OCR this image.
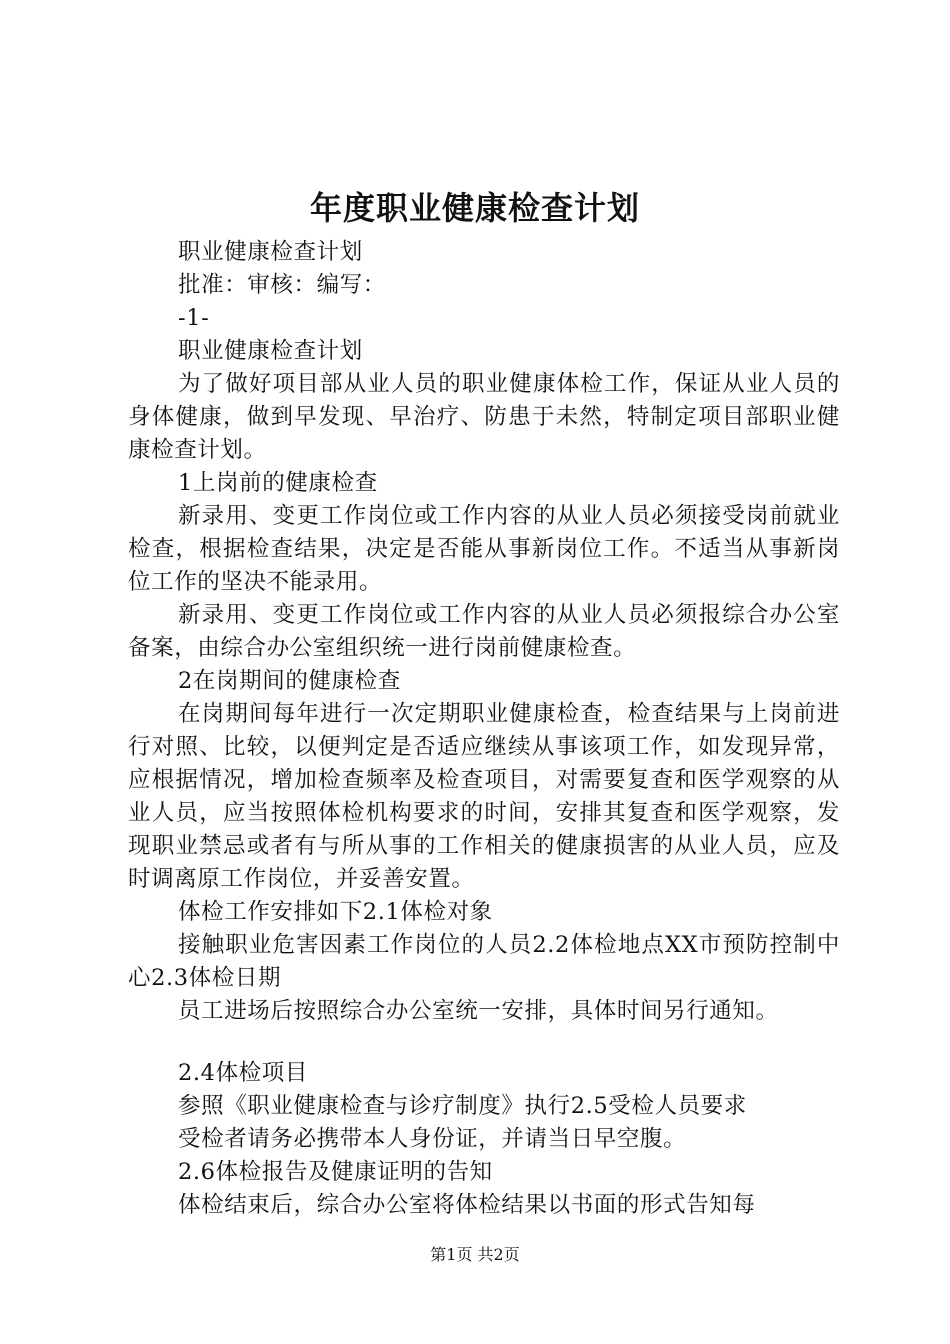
年度职业健康检查计划

职业健康检查计划

批准：审核：编写：

-1-

职业健康检查计划

为了做好项目部从业人员的职业健康体检工作，保证从业人员的身体健康，做到早发现、早治疗、防患于未然，特制定项目部职业健康检查计划。

1上岗前的健康检查

新录用、变更工作岗位或工作内容的从业人员必须接受岗前就业检查，根据检查结果，决定是否能从事新岗位工作。不适当从事新岗位工作的坚决不能录用。

新录用、变更工作岗位或工作内容的从业人员必须报综合办公室备案，由综合办公室组织统一进行岗前健康检查。

2在岗期间的健康检查

在岗期间每年进行一次定期职业健康检查，检查结果与上岗前进行对照、比较，以便判定是否适应继续从事该项工作，如发现异常，应根据情况，增加检查频率及检查项目，对需要复查和医学观察的从业人员，应当按照体检机构要求的时间，安排其复查和医学观察，发现职业禁忌或者有与所从事的工作相关的健康损害的从业人员，应及时调离原工作岗位，并妥善安置。

体检工作安排如下2.1体检对象

接触职业危害因素工作岗位的人员2.2体检地点XX市预防控制中心2.3体检日期

员工进场后按照综合办公室统一安排，具体时间另行通知。

2.4体检项目

参照《职业健康检查与诊疗制度》执行2.5受检人员要求

受检者请务必携带本人身份证，并请当日早空腹。

2.6体检报告及健康证明的告知

体检结束后，综合办公室将体检结果以书面的形式告知每

第1页 共2页
